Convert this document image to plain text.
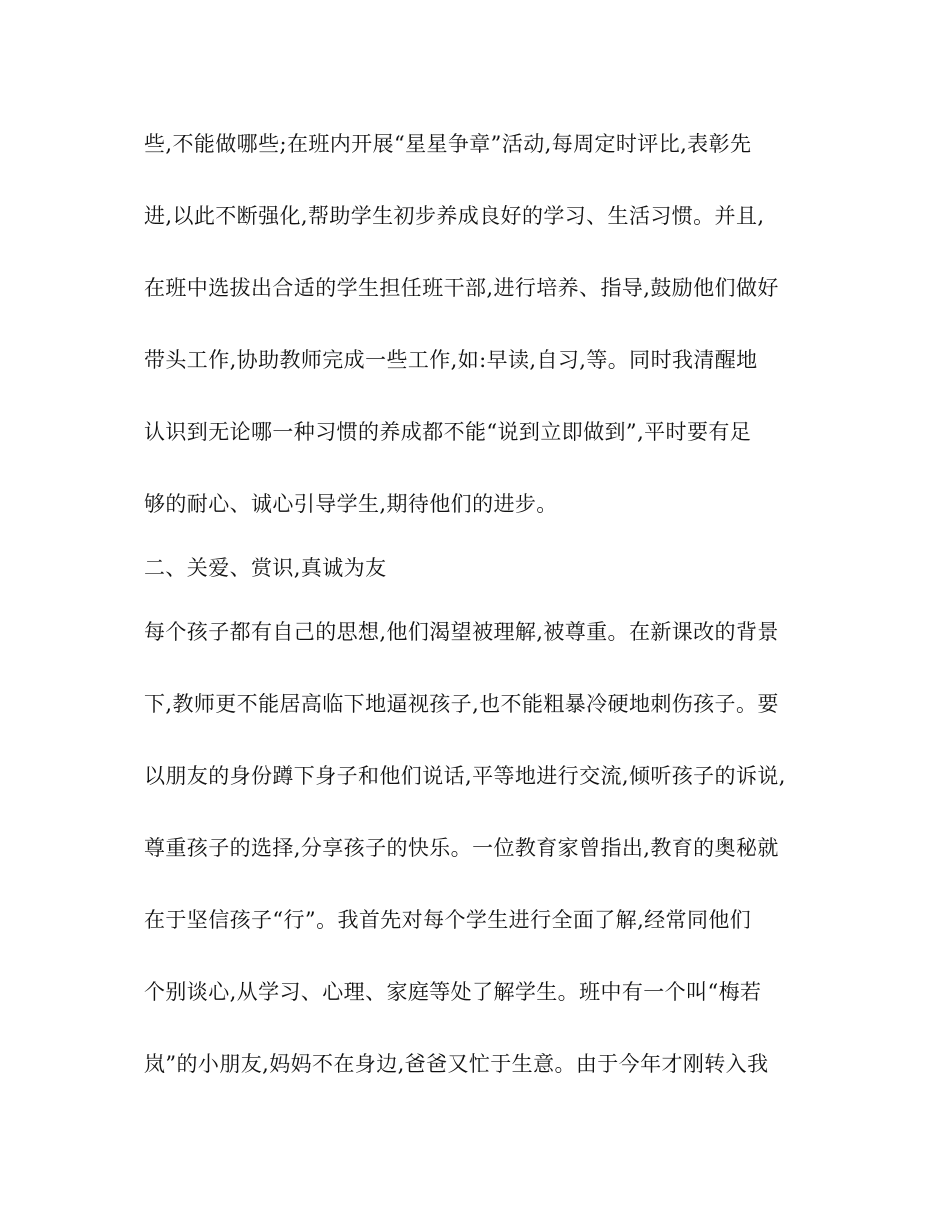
些,不能做哪些;在班内开展“星星争章”活动,每周定时评比,表彰先
进,以此不断强化,帮助学生初步养成良好的学习、生活习惯。并且,
在班中选拔出合适的学生担任班干部,进行培养、指导,鼓励他们做好
带头工作,协助教师完成一些工作,如:早读,自习,等。同时我清醒地
认识到无论哪一种习惯的养成都不能“说到立即做到”,平时要有足
够的耐心、诚心引导学生,期待他们的进步。
二、关爱、赏识,真诚为友
每个孩子都有自己的思想,他们渴望被理解,被尊重。在新课改的背景
下,教师更不能居高临下地逼视孩子,也不能粗暴冷硬地刺伤孩子。要
以朋友的身份蹲下身子和他们说话,平等地进行交流,倾听孩子的诉说,
尊重孩子的选择,分享孩子的快乐。一位教育家曾指出,教育的奥秘就
在于坚信孩子“行”。我首先对每个学生进行全面了解,经常同他们
个别谈心,从学习、心理、家庭等处了解学生。班中有一个叫“梅若
岚”的小朋友,妈妈不在身边,爸爸又忙于生意。由于今年才刚转入我
